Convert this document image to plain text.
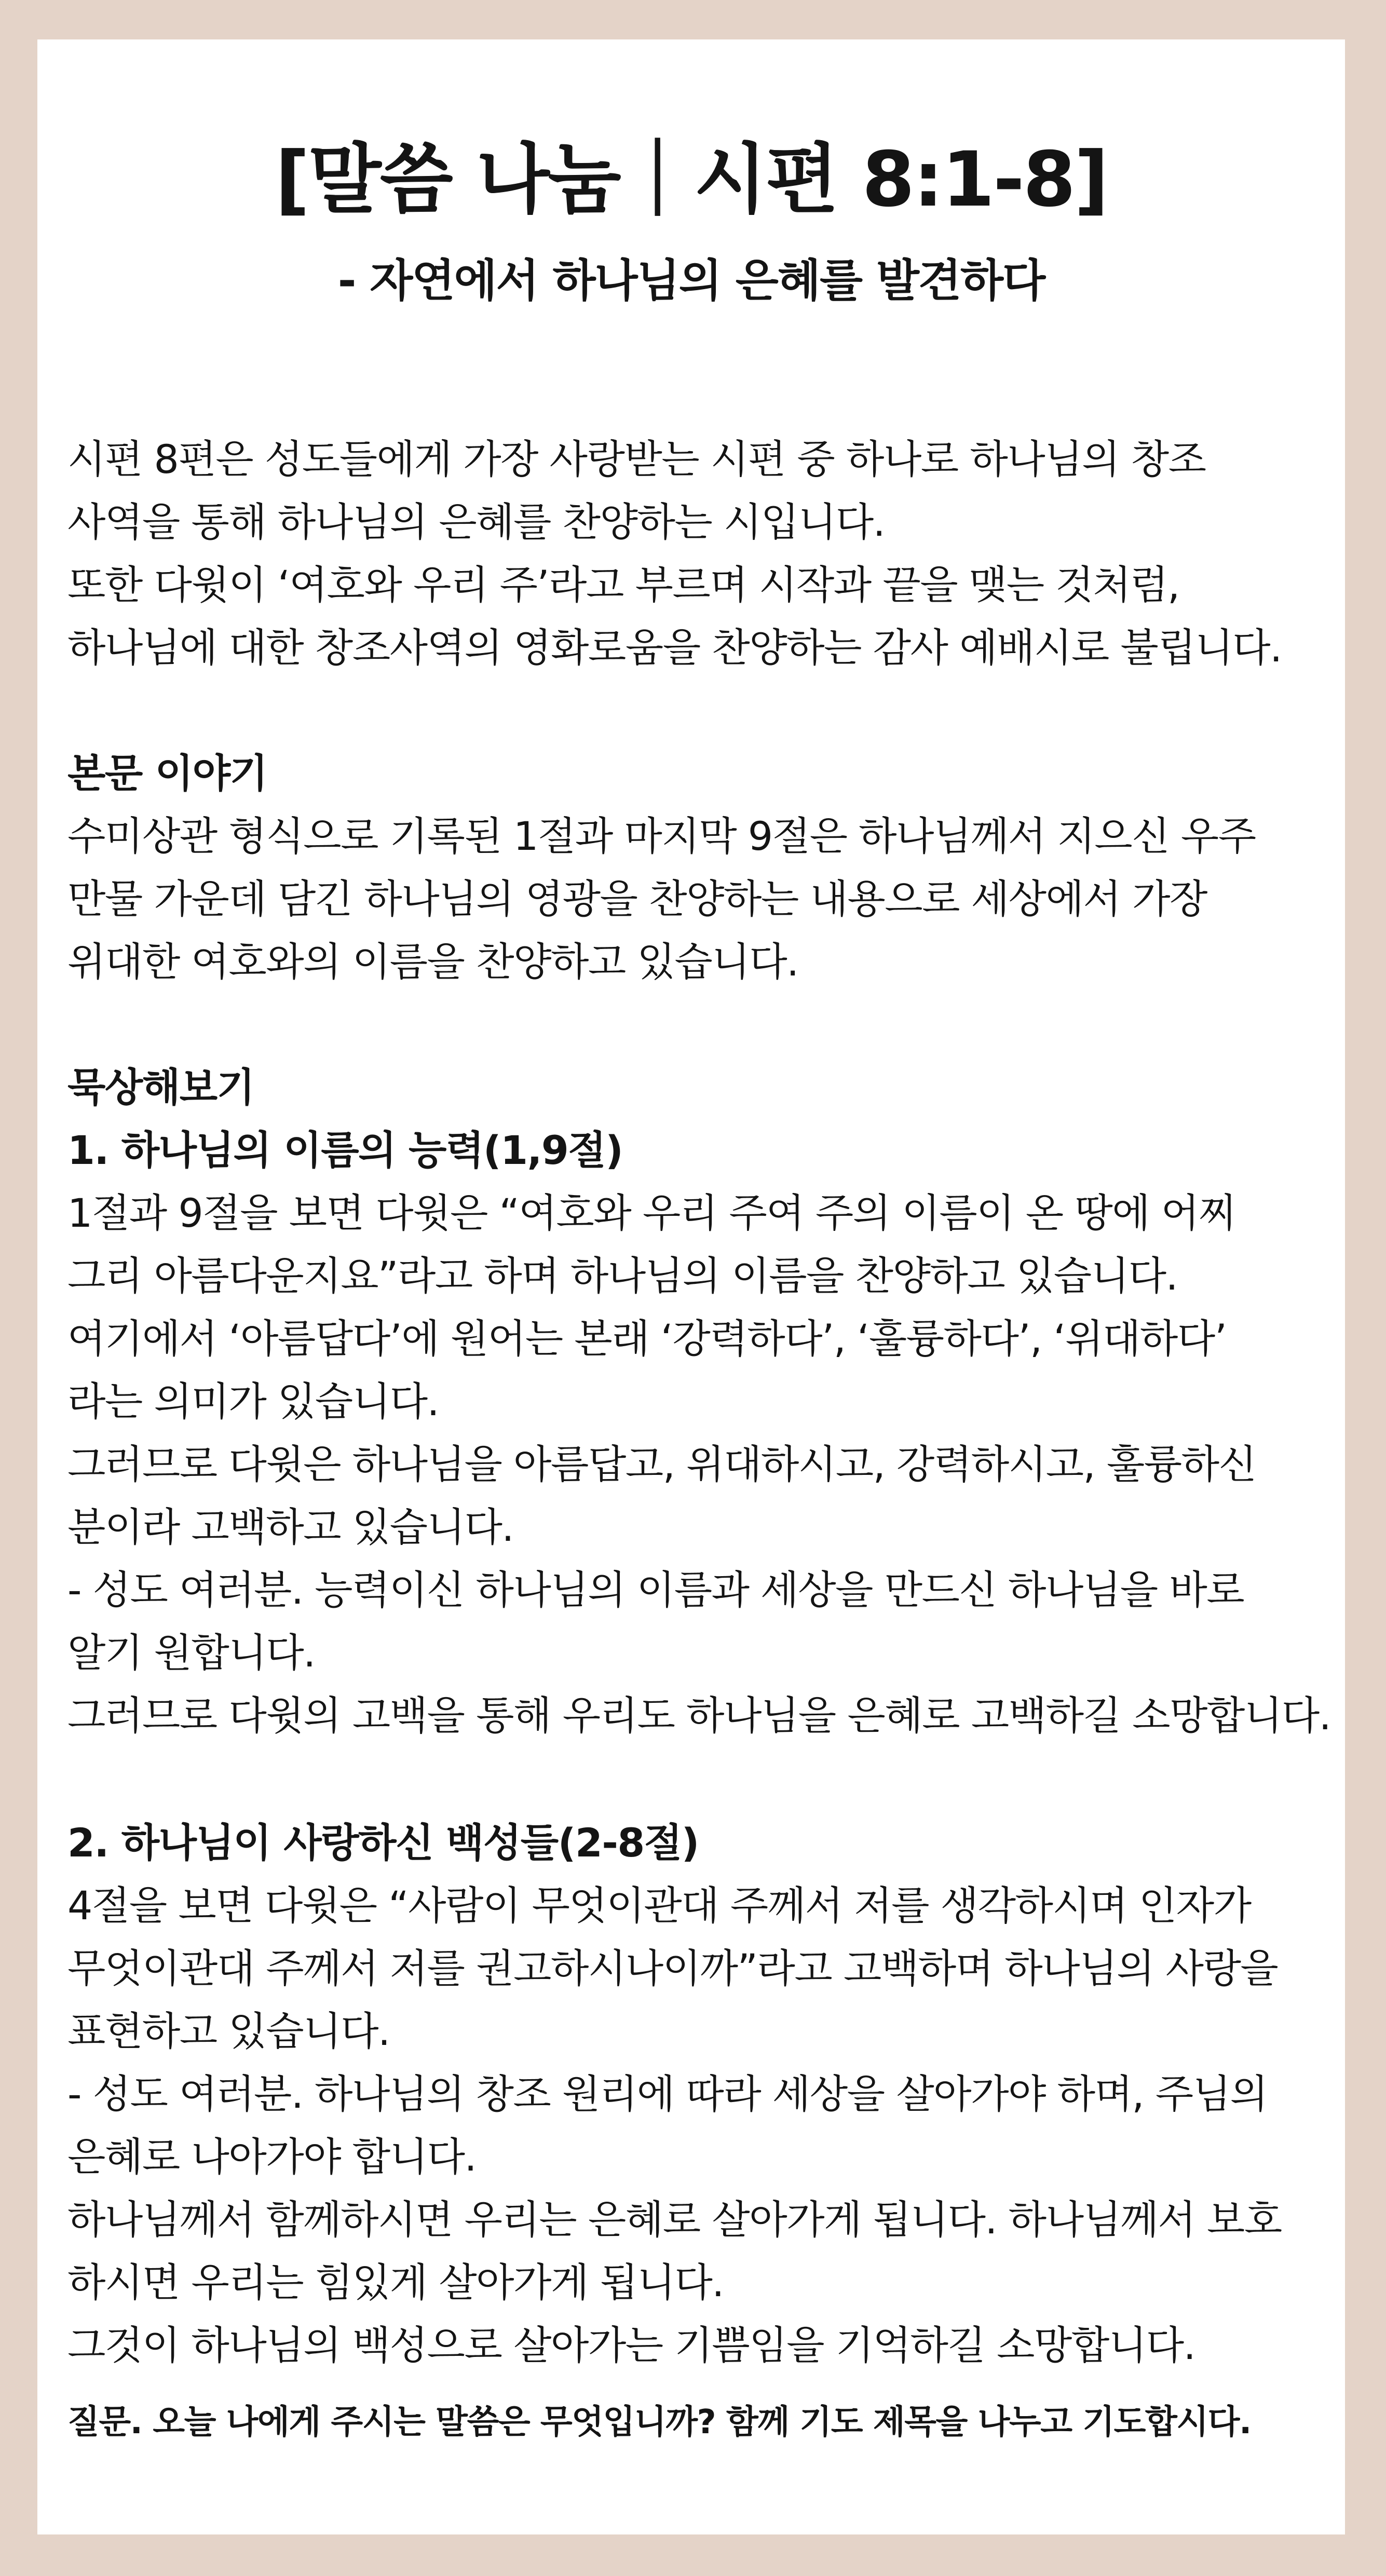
[말씀 나눔｜시편 8:1-8]
- 자연에서 하나님의 은혜를 발견하다
시편 8편은 성도들에게 가장 사랑받는 시편 중 하나로 하나님의 창조
사역을 통해 하나님의 은혜를 찬양하는 시입니다.
또한 다윗이 ‘여호와 우리 주’라고 부르며 시작과 끝을 맺는 것처럼,
하나님에 대한 창조사역의 영화로움을 찬양하는 감사 예배시로 불립니다.
본문 이야기
수미상관 형식으로 기록된 1절과 마지막 9절은 하나님께서 지으신 우주
만물 가운데 담긴 하나님의 영광을 찬양하는 내용으로 세상에서 가장
위대한 여호와의 이름을 찬양하고 있습니다.
묵상해보기
1. 하나님의 이름의 능력(1,9절)
1절과 9절을 보면 다윗은 “여호와 우리 주여 주의 이름이 온 땅에 어찌
그리 아름다운지요”라고 하며 하나님의 이름을 찬양하고 있습니다.
여기에서 ‘아름답다’에 원어는 본래 ‘강력하다’, ‘훌륭하다’, ‘위대하다’
라는 의미가 있습니다.
그러므로 다윗은 하나님을 아름답고, 위대하시고, 강력하시고, 훌륭하신
분이라 고백하고 있습니다.
- 성도 여러분. 능력이신 하나님의 이름과 세상을 만드신 하나님을 바로
알기 원합니다.
그러므로 다윗의 고백을 통해 우리도 하나님을 은혜로 고백하길 소망합니다.
2. 하나님이 사랑하신 백성들(2-8절)
4절을 보면 다윗은 “사람이 무엇이관대 주께서 저를 생각하시며 인자가
무엇이관대 주께서 저를 권고하시나이까”라고 고백하며 하나님의 사랑을
표현하고 있습니다.
- 성도 여러분. 하나님의 창조 원리에 따라 세상을 살아가야 하며, 주님의
은혜로 나아가야 합니다.
하나님께서 함께하시면 우리는 은혜로 살아가게 됩니다. 하나님께서 보호
하시면 우리는 힘있게 살아가게 됩니다.
그것이 하나님의 백성으로 살아가는 기쁨임을 기억하길 소망합니다.
질문. 오늘 나에게 주시는 말씀은 무엇입니까? 함께 기도 제목을 나누고 기도합시다.
